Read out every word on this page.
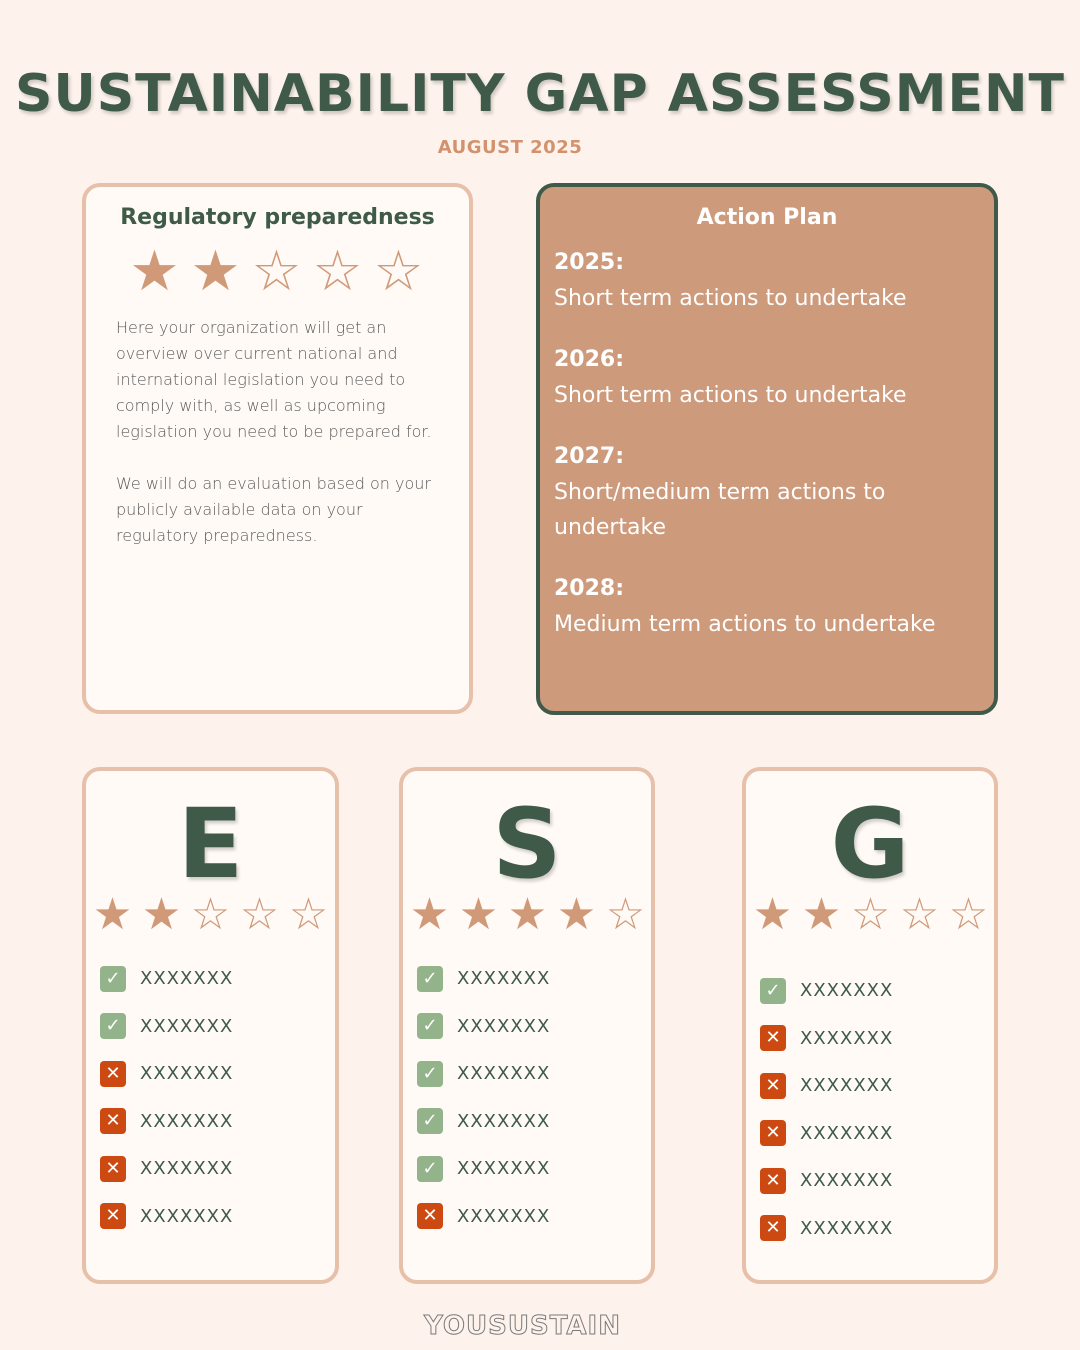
SUSTAINABILITY GAP ASSESSMENT
AUGUST 2025
Regulatory preparedness
★ ★ ☆ ☆ ☆

Here your organization will get an overview over current national and international legislation you need to comply with, as well as upcoming legislation you need to be prepared for.

We will do an evaluation based on your publicly available data on your regulatory preparedness.

Action Plan
2025:
Short term actions to undertake
2026:
Short term actions to undertake
2027:
Short/medium term actions to undertake
2028:
Medium term actions to undertake
E
★ ★ ☆ ☆ ☆
✓	XXXXXXX
✓	XXXXXXX
✕	XXXXXXX
✕	XXXXXXX
✕	XXXXXXX
✕	XXXXXXX
S
★ ★ ★ ★ ☆
✓	XXXXXXX
✓	XXXXXXX
✓	XXXXXXX
✓	XXXXXXX
✓	XXXXXXX
✕	XXXXXXX
G
★ ★ ☆ ☆ ☆
✓	XXXXXXX
✕	XXXXXXX
✕	XXXXXXX
✕	XXXXXXX
✕	XXXXXXX
✕	XXXXXXX
YOUSUSTAIN
